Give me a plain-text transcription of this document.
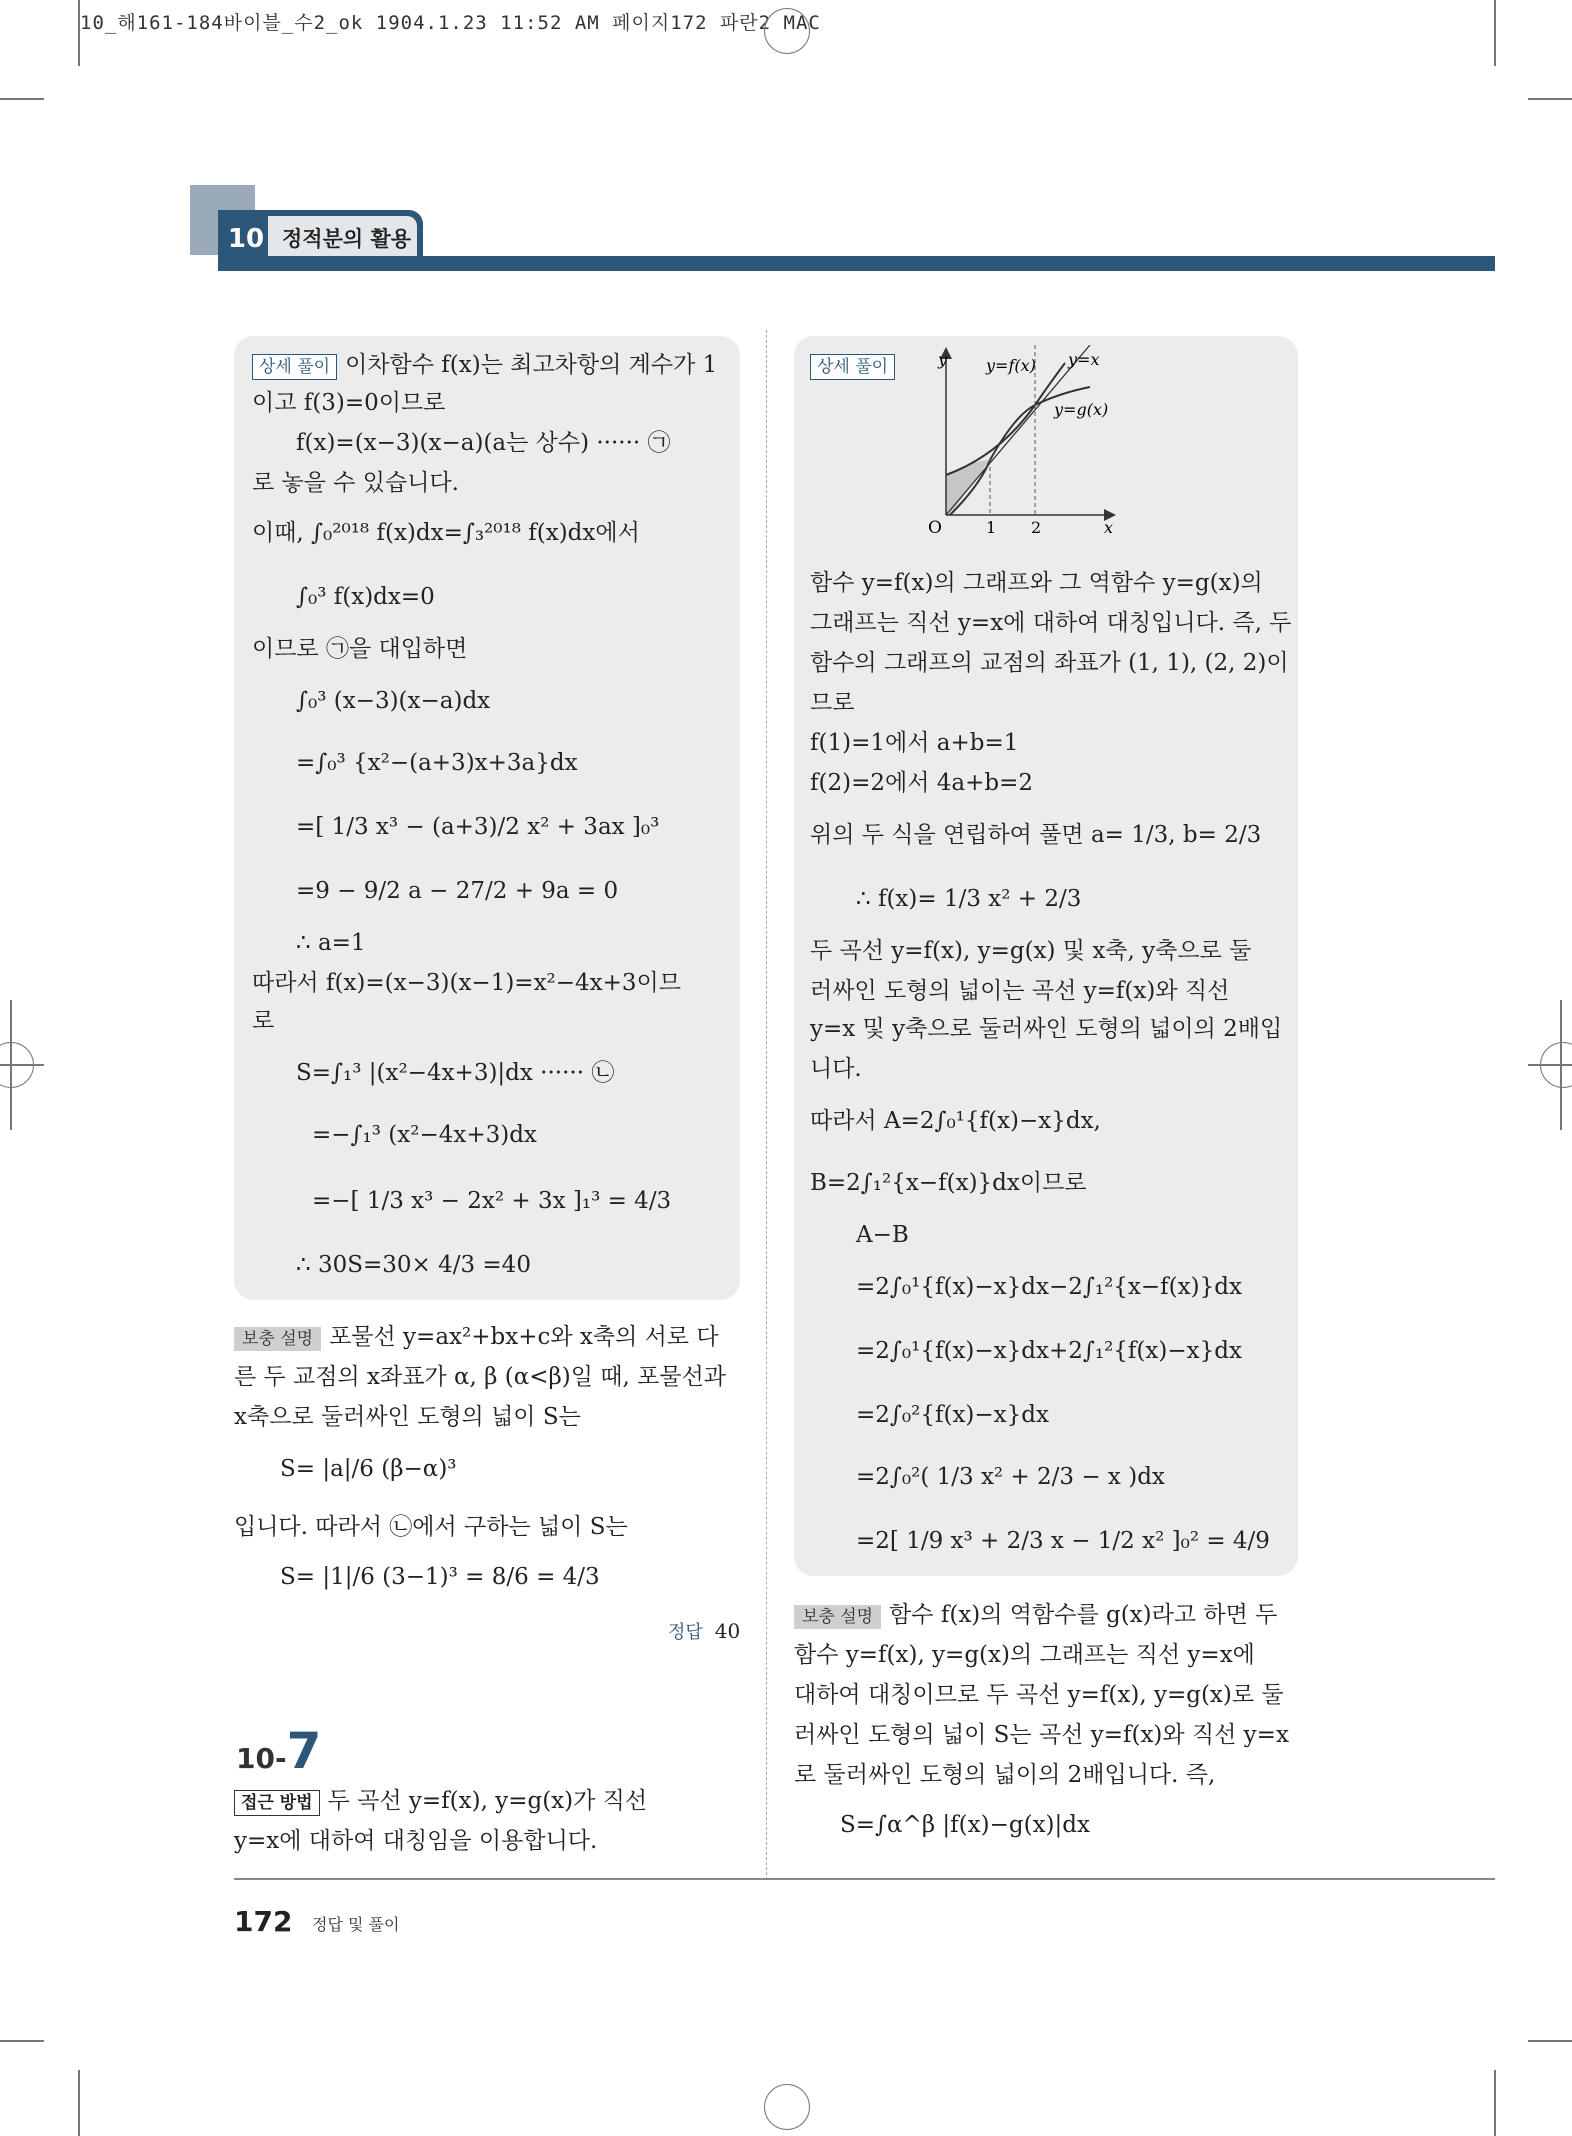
10_해161-184바이블_수2_ok 1904.1.23 11:52 AM 페이지172 파란2 MAC
10 정적분의 활용
상세 풀이 이차함수 f(x)는 최고차항의 계수가 1
이고 f(3)=0이므로
f(x)=(x−3)(x−a)(a는 상수) ······ ㉠
로 놓을 수 있습니다.
이때, ∫₀²⁰¹⁸ f(x)dx=∫₃²⁰¹⁸ f(x)dx에서
∫₀³ f(x)dx=0
이므로 ㉠을 대입하면
∫₀³ (x−3)(x−a)dx
=∫₀³ {x²−(a+3)x+3a}dx
=[ 1/3 x³ − (a+3)/2 x² + 3ax ]₀³
=9 − 9/2 a − 27/2 + 9a = 0
∴ a=1
따라서 f(x)=(x−3)(x−1)=x²−4x+3이므
로
S=∫₁³ |(x²−4x+3)|dx ······ ㉡
=−∫₁³ (x²−4x+3)dx
=−[ 1/3 x³ − 2x² + 3x ]₁³ = 4/3
∴ 30S=30× 4/3 =40
보충 설명 포물선 y=ax²+bx+c와 x축의 서로 다
른 두 교점의 x좌표가 α, β (α<β)일 때, 포물선과
x축으로 둘러싸인 도형의 넓이 S는
S= |a|/6 (β−α)³
입니다. 따라서 ㉡에서 구하는 넓이 S는
S= |1|/6 (3−1)³ = 8/6 = 4/3
정답 40
10-7
접근 방법 두 곡선 y=f(x), y=g(x)가 직선
y=x에 대하여 대칭임을 이용합니다.
상세 풀이	y
x
O	1 2
y=f(x) y=x
y=g(x)
함수 y=f(x)의 그래프와 그 역함수 y=g(x)의
그래프는 직선 y=x에 대하여 대칭입니다. 즉, 두
함수의 그래프의 교점의 좌표가 (1, 1), (2, 2)이
므로
f(1)=1에서 a+b=1
f(2)=2에서 4a+b=2
위의 두 식을 연립하여 풀면 a= 1/3, b= 2/3
∴ f(x)= 1/3 x² + 2/3
두 곡선 y=f(x), y=g(x) 및 x축, y축으로 둘
러싸인 도형의 넓이는 곡선 y=f(x)와 직선
y=x 및 y축으로 둘러싸인 도형의 넓이의 2배입
니다.
따라서 A=2∫₀¹{f(x)−x}dx,
B=2∫₁²{x−f(x)}dx이므로
A−B
=2∫₀¹{f(x)−x}dx−2∫₁²{x−f(x)}dx
=2∫₀¹{f(x)−x}dx+2∫₁²{f(x)−x}dx
=2∫₀²{f(x)−x}dx
=2∫₀²( 1/3 x² + 2/3 − x )dx
=2[ 1/9 x³ + 2/3 x − 1/2 x² ]₀² = 4/9
보충 설명 함수 f(x)의 역함수를 g(x)라고 하면 두
함수 y=f(x), y=g(x)의 그래프는 직선 y=x에
대하여 대칭이므로 두 곡선 y=f(x), y=g(x)로 둘
러싸인 도형의 넓이 S는 곡선 y=f(x)와 직선 y=x
로 둘러싸인 도형의 넓이의 2배입니다. 즉,
S=∫α^β |f(x)−g(x)|dx
172 정답 및 풀이
